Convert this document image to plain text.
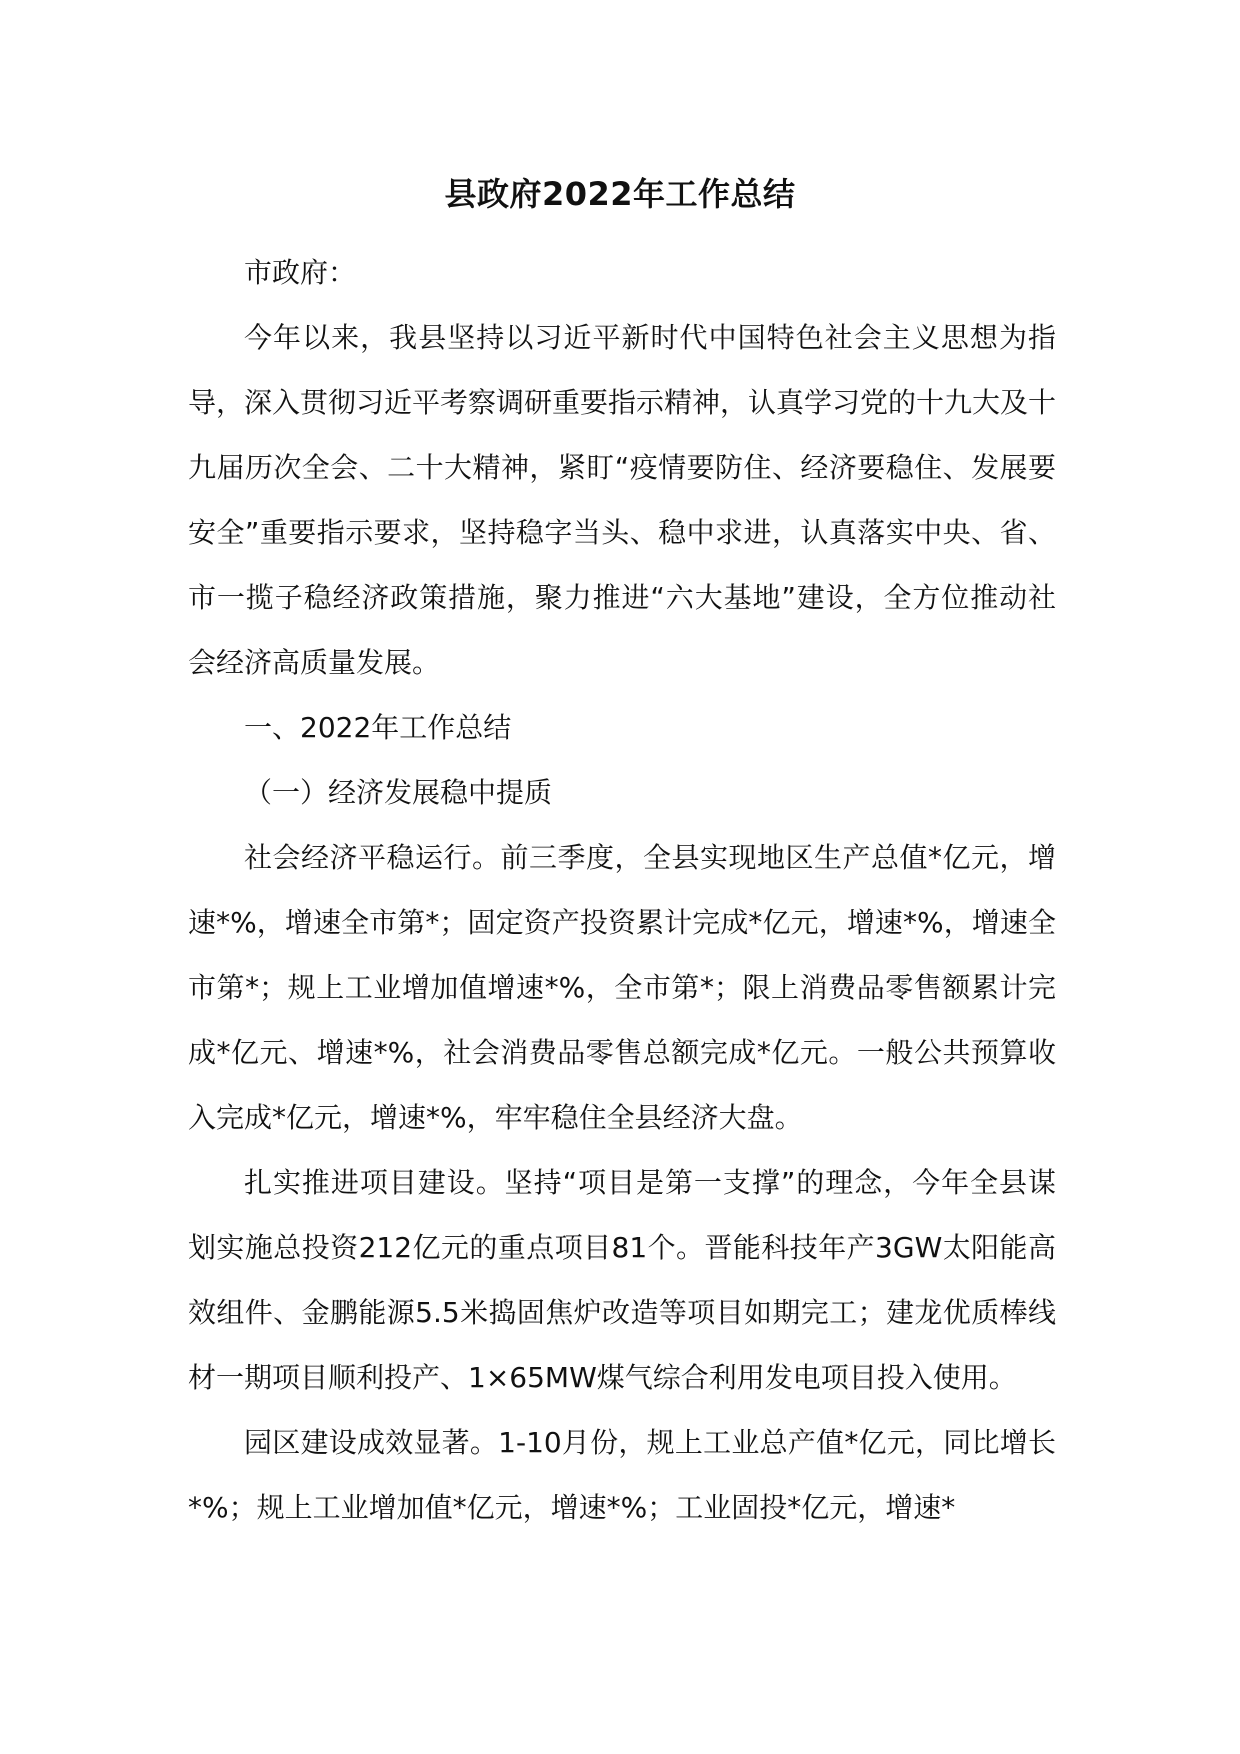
县政府2022年工作总结

市政府：

今年以来，我县坚持以习近平新时代中国特色社会主义思想为指导，深入贯彻习近平考察调研重要指示精神，认真学习党的十九大及十九届历次全会、二十大精神，紧盯“疫情要防住、经济要稳住、发展要安全”重要指示要求，坚持稳字当头、稳中求进，认真落实中央、省、市一揽子稳经济政策措施，聚力推进“六大基地”建设，全方位推动社会经济高质量发展。

一、2022年工作总结

（一）经济发展稳中提质

社会经济平稳运行。前三季度，全县实现地区生产总值*亿元，增速*%，增速全市第*；固定资产投资累计完成*亿元，增速*%，增速全市第*；规上工业增加值增速*%，全市第*；限上消费品零售额累计完成*亿元、增速*%，社会消费品零售总额完成*亿元。一般公共预算收入完成*亿元，增速*%，牢牢稳住全县经济大盘。

扎实推进项目建设。坚持“项目是第一支撑”的理念，今年全县谋划实施总投资212亿元的重点项目81个。晋能科技年产3GW太阳能高效组件、金鹏能源5.5米捣固焦炉改造等项目如期完工；建龙优质棒线材一期项目顺利投产、1×65MW煤气综合利用发电项目投入使用。

园区建设成效显著。1-10月份，规上工业总产值*亿元，同比增长*%；规上工业增加值*亿元，增速*%；工业固投*亿元，增速*
